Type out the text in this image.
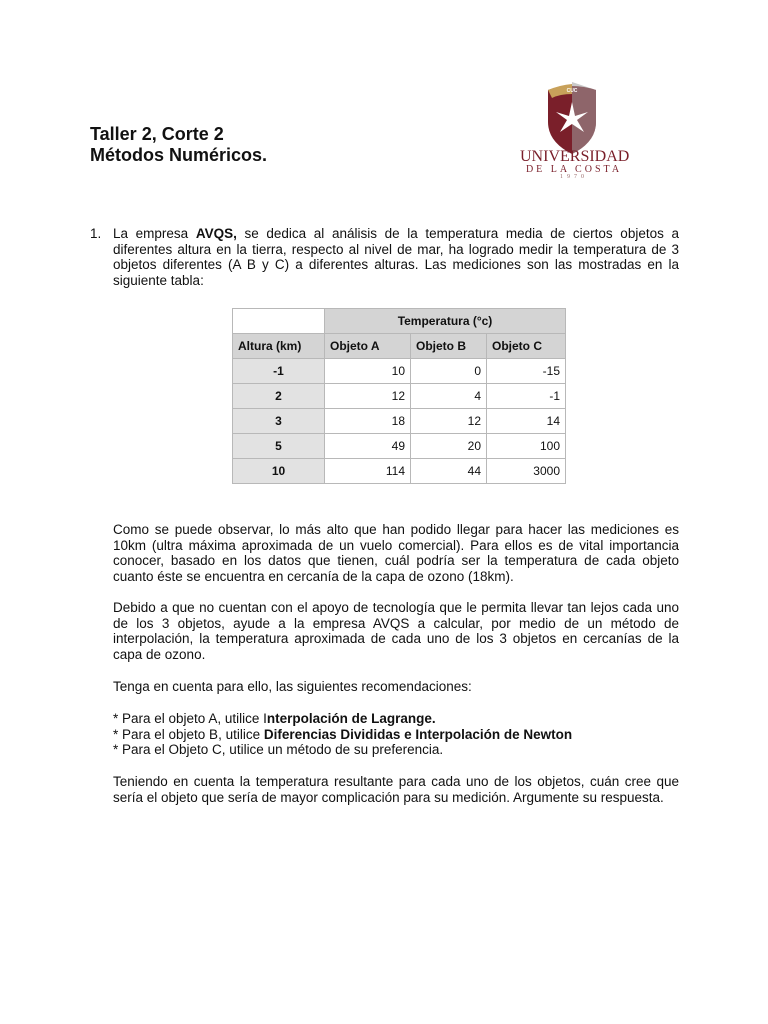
Taller 2, Corte 2
Métodos Numéricos.
CUC
UNIVERSIDAD
DE LA COSTA
1970
1. La empresa AVQS, se dedica al análisis de la temperatura media de ciertos objetos a diferentes altura en la tierra, respecto al nivel de mar, ha logrado medir la temperatura de 3 objetos diferentes (A B y C) a diferentes alturas. Las mediciones son las mostradas en la siguiente tabla:
	Temperatura (°c)		
Altura (km)	Objeto A	Objeto B	Objeto C
-1	10	0	-15
2	12	4	-1
3	18	12	14
5	49	20	100
10	114	44	3000
Como se puede observar, lo más alto que han podido llegar para hacer las mediciones es 10km (ultra máxima aproximada de un vuelo comercial). Para ellos es de vital importancia conocer, basado en los datos que tienen, cuál podría ser la temperatura de cada objeto cuanto éste se encuentra en cercanía de la capa de ozono (18km).
Debido a que no cuentan con el apoyo de tecnología que le permita llevar tan lejos cada uno de los 3 objetos, ayude a la empresa AVQS a calcular, por medio de un método de interpolación, la temperatura aproximada de cada uno de los 3 objetos en cercanías de la capa de ozono.
Tenga en cuenta para ello, las siguientes recomendaciones:
* Para el objeto A, utilice Interpolación de Lagrange.
* Para el objeto B, utilice Diferencias Divididas e Interpolación de Newton
* Para el Objeto C, utilice un método de su preferencia.
Teniendo en cuenta la temperatura resultante para cada uno de los objetos, cuán cree que sería el objeto que sería de mayor complicación para su medición. Argumente su respuesta.
